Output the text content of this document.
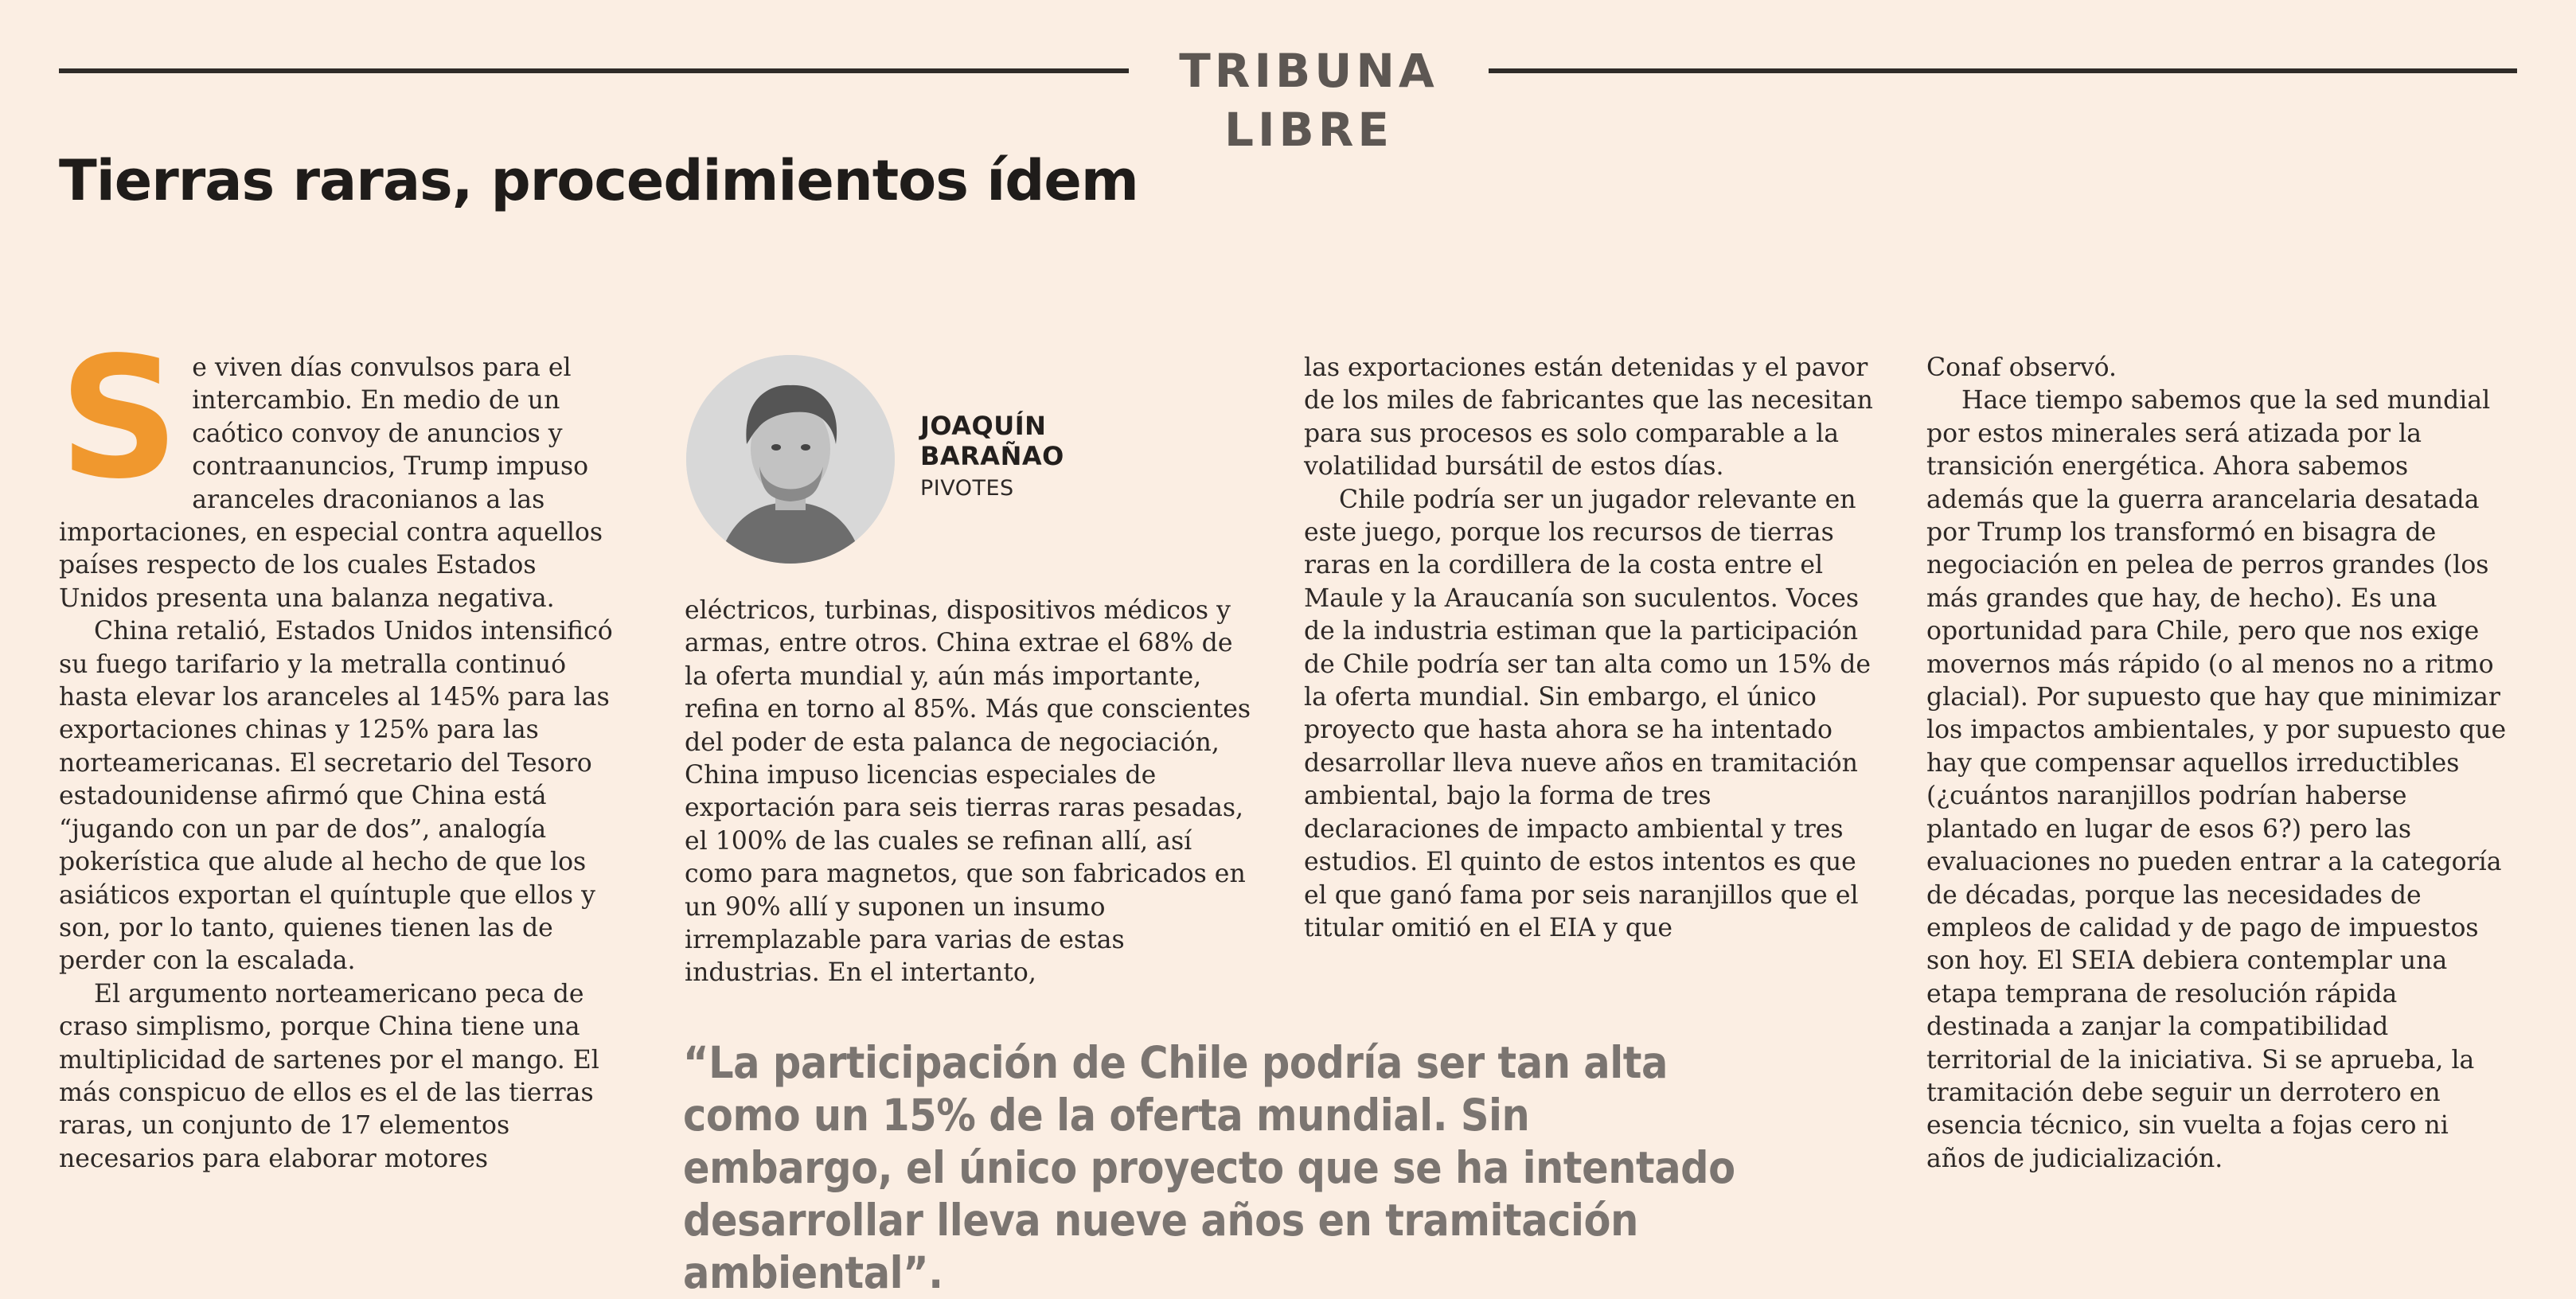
TRIBUNA LIBRE
Tierras raras, procedimientos ídem
S e viven días convulsos para el intercambio. En medio de un caótico convoy de anuncios y contraanuncios, Trump impuso aranceles draconianos a las importaciones, en especial contra aquellos países respecto de los cuales Estados Unidos presenta una balanza negativa.

China retalió, Estados Unidos intensificó su fuego tarifario y la metralla continuó hasta elevar los aranceles al 145% para las exportaciones chinas y 125% para las norteamericanas. El secretario del Tesoro estadounidense afirmó que China está “jugando con un par de dos”, analogía pokerística que alude al hecho de que los asiáticos exportan el quíntuple que ellos y son, por lo tanto, quienes tienen las de perder con la escalada.

El argumento norteamericano peca de craso simplismo, porque China tiene una multiplicidad de sartenes por el mango. El más conspicuo de ellos es el de las tierras raras, un conjunto de 17 elementos necesarios para elaborar motores

JOAQUÍN
BARAÑAO
PIVOTES

eléctricos, turbinas, dispositivos médicos y armas, entre otros. China extrae el 68% de la oferta mundial y, aún más importante, refina en torno al 85%. Más que conscientes del poder de esta palanca de negociación, China impuso licencias especiales de exportación para seis tierras raras pesadas, el 100% de las cuales se refinan allí, así como para magnetos, que son fabricados en un 90% allí y suponen un insumo irremplazable para varias de estas industrias. En el intertanto,

las exportaciones están detenidas y el pavor de los miles de fabricantes que las necesitan para sus procesos es solo comparable a la volatilidad bursátil de estos días.

Chile podría ser un jugador relevante en este juego, porque los recursos de tierras raras en la cordillera de la costa entre el Maule y la Araucanía son suculentos. Voces de la industria estiman que la participación de Chile podría ser tan alta como un 15% de la oferta mundial. Sin embargo, el único proyecto que hasta ahora se ha intentado desarrollar lleva nueve años en tramitación ambiental, bajo la forma de tres declaraciones de impacto ambiental y tres estudios. El quinto de estos intentos es que el que ganó fama por seis naranjillos que el titular omitió en el EIA y que

Conaf observó.

Hace tiempo sabemos que la sed mundial por estos minerales será atizada por la transición energética. Ahora sabemos además que la guerra arancelaria desatada por Trump los transformó en bisagra de negociación en pelea de perros grandes (los más grandes que hay, de hecho). Es una oportunidad para Chile, pero que nos exige movernos más rápido (o al menos no a ritmo glacial). Por supuesto que hay que minimizar los impactos ambientales, y por supuesto que hay que compensar aquellos irreductibles (¿cuántos naranjillos podrían haberse plantado en lugar de esos 6?) pero las evaluaciones no pueden entrar a la categoría de décadas, porque las necesidades de empleos de calidad y de pago de impuestos son hoy. El SEIA debiera contemplar una etapa temprana de resolución rápida destinada a zanjar la compatibilidad territorial de la iniciativa. Si se aprueba, la tramitación debe seguir un derrotero en esencia técnico, sin vuelta a fojas cero ni años de judicialización.

“La participación de Chile podría ser tan alta como un 15% de la oferta mundial. Sin embargo, el único proyecto que se ha intentado desarrollar lleva nueve años en tramitación ambiental”.
